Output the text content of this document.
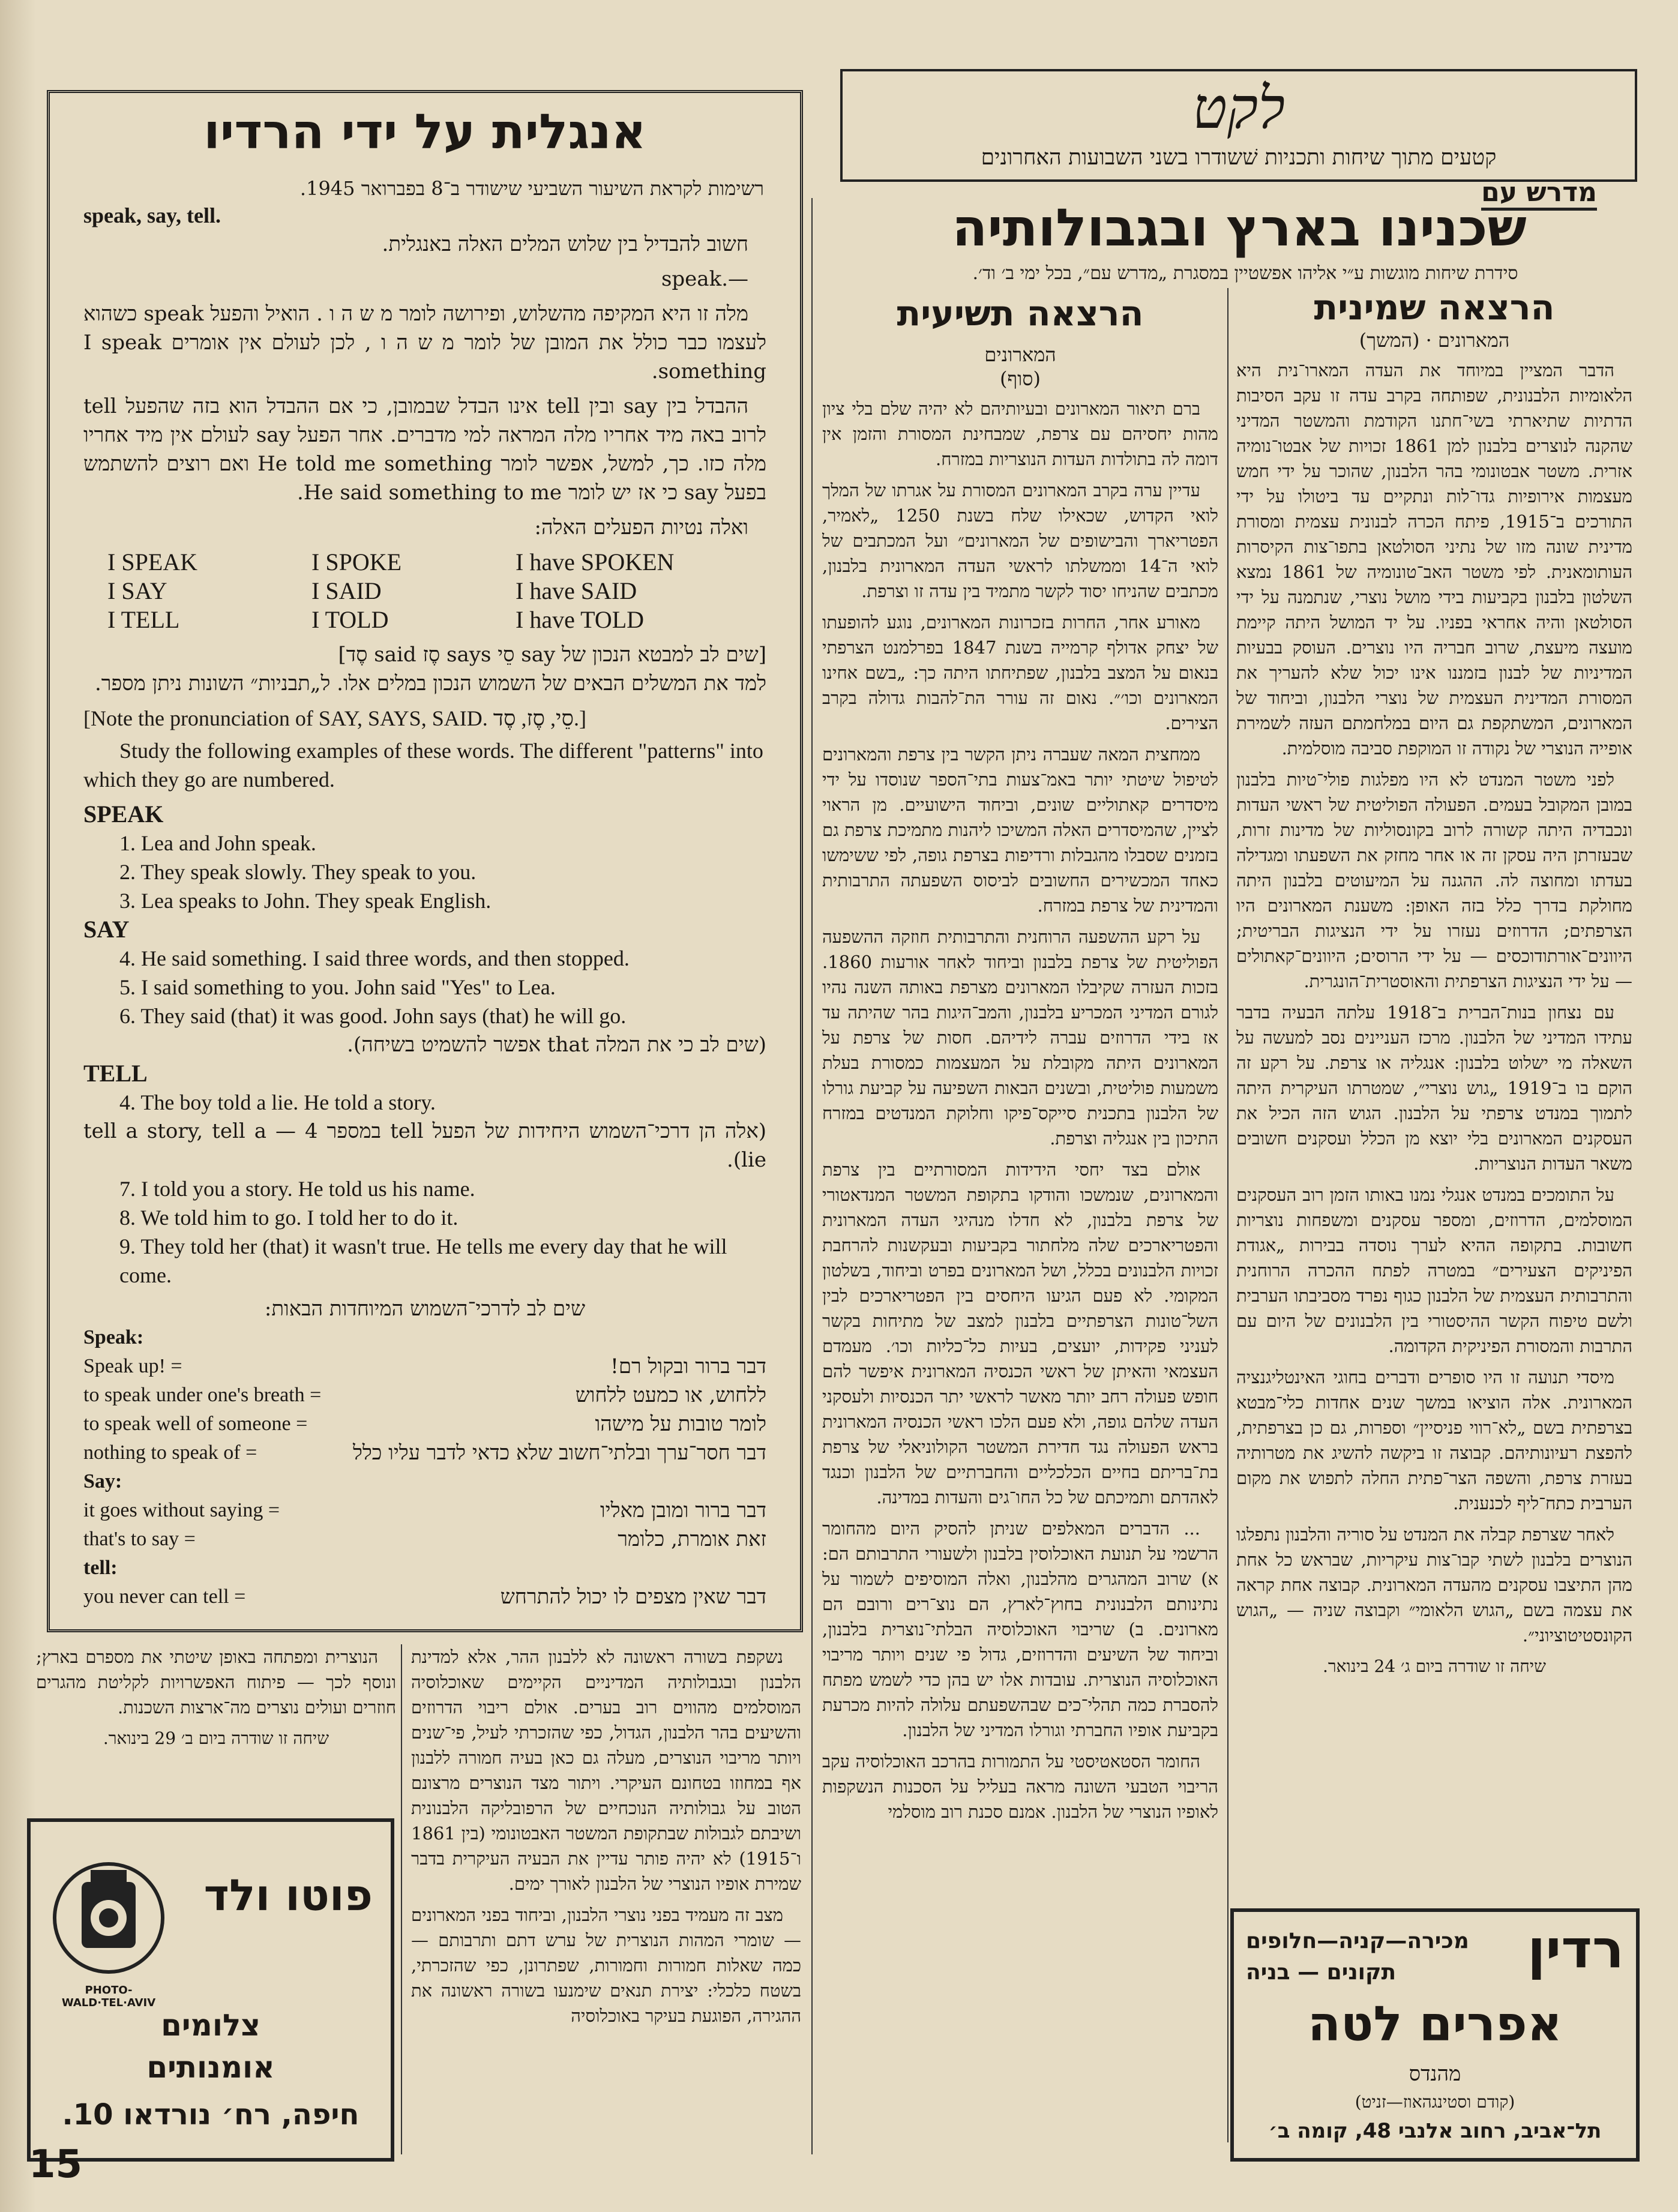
אנגלית על ידי הרדיו
רשימות לקראת השיעור השביעי שישודר ב־8 בפברואר 1945.
speak, say, tell.

חשוב להבדיל בין שלוש המלים האלה באנגלית.

—.speak

מלה זו היא המקיפה מהשלוש, ופירושה לומר מ ש ה ו . הואיל והפעל speak כשהוא לעצמו כבר כולל את המובן של לומר מ ש ה ו , לכן לעולם אין אומרים I speak something.

ההבדל בין say ובין tell אינו הבדל שבמובן, כי אם ההבדל הוא בזה שהפעל tell לרוב באה מיד אחריו מלה המראה למי מדברים. אחר הפעל say לעולם אין מיד אחריו מלה כזו. כך, למשל, אפשר לומר He told me something ואם רוצים להשתמש בפעל say כי אז יש לומר He said something to me.

ואלה נטיות הפעלים האלה:

I SPEAK	I SPOKE	I have SPOKEN
I SAY	I SAID	I have SAID
I TELL	I TOLD	I have TOLD
[שים לב למבטא הנכון של say סֵי says סֶז said סֶד]
למד את המשלים הבאים של השמוש הנכון במלים אלו. ל„תבניות״ השונות ניתן מספר.
[Note the pronunciation of SAY, SAYS, SAID. סֵי, סֶז, סֶד.]
Study the following examples of these words. The different "patterns" into which they go are numbered.
SPEAK
1. Lea and John speak.
2. They speak slowly. They speak to you.
3. Lea speaks to John. They speak English.
SAY
4. He said something. I said three words, and then stopped.
5. I said something to you. John said "Yes" to Lea.
6. They said (that) it was good. John says (that) he will go.
(שים לב כי את המלה that אפשר להשמיט בשיחה).
TELL
4. The boy told a lie. He told a story.
(אלה הן דרכי־השמוש היחידות של הפעל tell במספר 4 — tell a story, tell a lie).
7. I told you a story. He told us his name.
8. We told him to go. I told her to do it.
9. They told her (that) it wasn't true. He tells me every day that he will come.
שים לב לדרכי־השמוש המיוחדות הבאות:
Speak:
Speak up! =	דבר ברור ובקול רם!
to speak under one's breath =	ללחוש, או כמעט ללחוש
to speak well of someone =	לומר טובות על מישהו
nothing to speak of =	דבר חסר־ערך ובלתי־חשוב שלא כדאי לדבר עליו כלל
Say:
it goes without saying =	דבר ברור ומובן מאליו
that's to say =	זאת אומרת, כלומר
tell:
you never can tell =	דבר שאין מצפים לו יכול להתרחש
לקט
קטעים מתוך שיחות ותכניות שׁשודרו בשני השבועות האחרונים
מדרש עם
שכנינו בארץ ובגבולותיה
סידרת שיחות מוגשות ע״י אליהו אפשטיין במסגרת „מדרש עם״, בכל ימי ב׳ וד׳.
הרצאה שמינית
המארונים · (המשך)

הדבר המציין במיוחד את העדה המארו־נית היא הלאומיות הלבנונית, שפותחה בקרב עדה זו עקב הסיבות הדתיות שתיארתי בשי־חתנו הקודמת והמשטר המדיני שהקנה לנוצרים בלבנון למן 1861 זכויות של אבטו־נומיה אזרית. משטר אבטונומי בהר הלבנון, שהוכר על ידי חמש מעצמות אירופיות גדו־לות ונתקיים עד ביטולו על ידי התורכים ב־1915, פיתח הכרה לבנונית עצמית ומסורת מדינית שונה מזו של נתיני הסולטאן בתפו־צות הקיסרות העותומאנית. לפי משטר האב־טונומיה של 1861 נמצא השלטון בלבנון בקביעות בידי מושל נוצרי, שנתמנה על ידי הסולטאן והיה אחראי בפניו. על יד המושל היתה קיימת מועצה מיעצת, שרוב חבריה היו נוצרים. העוסק בבעיות המדיניות של לבנון בזמננו אינו יכול שלא להעריך את המסורת המדינית העצמית של נוצרי הלבנון, וביחוד של המארונים, המשתקפת גם היום במלחמתם העזה לשמירת אופייה הנוצרי של נקודה זו המוקפת סביבה מוסלמית.

לפני משטר המנדט לא היו מפלגות פולי־טיות בלבנון במובן המקובל בעמים. הפעולה הפוליטית של ראשי העדות ונכבדיה היתה קשורה לרוב בקונסוליות של מדינות זרות, שבעזרתן היה עסקן זה או אחר מחזק את השפעתו ומגדילה בעדתו ומחוצה לה. ההגנה על המיעוטים בלבנון היתה מחולקת בדרך כלל בזה האופן: משענת המארונים היו הצרפתים; הדרוזים נעזרו על ידי הנציגות הבריטית; היוונים־אורתודוכסים — על ידי הרוסים; היוונים־קאתולים — על ידי הנציגות הצרפתית והאוסטרית־הונגרית.

עם נצחון בנות־הברית ב־1918 עלתה הבעיה בדבר עתידו המדיני של הלבנון. מרכז העניינים נסב למעשה על השאלה מי ישלוט בלבנון: אנגליה או צרפת. על רקע זה הוקם בו ב־1919 „גוש נוצרי״, שמטרתו העיקרית היתה לתמוך במנדט צרפתי על הלבנון. הגוש הזה הכיל את העסקנים המארונים בלי יוצא מן הכלל ועסקנים חשובים משאר העדות הנוצריות.

על התומכים במנדט אנגלי נמנו באותו הזמן רוב העסקנים המוסלמים, הדרוזים, ומספר עסקנים ומשפחות נוצריות חשובות. בתקופה ההיא לערך נוסדה בבירות „אגודת הפיניקים הצעירים״ במטרה לפתח ההכרה הרוחנית והתרבותית העצמית של הלבנון כגוף נפרד מסביבתו הערבית ולשם טיפוח הקשר ההיסטורי בין הלבנונים של היום עם התרבות והמסורת הפיניקית הקדומה.

מיסדי תנועה זו היו סופרים ודברים בחוגי האינטליגנציה המארונית. אלה הוציאו במשך שנים אחדות כלי־מבטא בצרפתית בשם „לא־רווי פניסיין״ וספרות, גם כן בצרפתית, להפצת רעיונותיהם. קבוצה זו ביקשה להשיג את מטרותיה בעזרת צרפת, והשפה הצר־פתית החלה לתפוש את מקום הערבית כתח־ליף לכנענית.

לאחר שצרפת קבלה את המנדט על סוריה והלבנון נתפלגו הנוצרים בלבנון לשתי קבו־צות עיקריות, שבראש כל אחת מהן התיצבו עסקנים מהעדה המארונית. קבוצה אחת קראה את עצמה בשם „הגוש הלאומי״ וקבוצה שניה — „הגוש הקונסטיטוציוני״.

שיחה זו שודרה ביום ג׳ 24 בינואר.
הרצאה תשיעית
המארונים
(סוף)

ברם תיאור המארונים ובעיותיהם לא יהיה שלם בלי ציון מהות יחסיהם עם צרפת, שמבחינת המסורת והזמן אין דומה לה בתולדות העדות הנוצריות במזרח.

עדיין ערה בקרב המארונים המסורת על אגרתו של המלך לואי הקדוש, שכאילו שלח בשנת 1250 „לאמיר, הפטריארך והבישופים של המארונים״ ועל המכתבים של לואי ה־14 וממשלתו לראשי העדה המארונית בלבנון, מכתבים שהניחו יסוד לקשר מתמיד בין עדה זו וצרפת.

מאורע אחר, החרות בזכרונות המארונים, נוגע להופעתו של יצחק אדולף קרמייה בשנת 1847 בפרלמנט הצרפתי בנאום על המצב בלבנון, שפתיחתו היתה כך: „בשם אחינו המארונים וכו׳״. נאום זה עורר הת־להבות גדולה בקרב הצירים.

ממחצית המאה שעברה ניתן הקשר בין צרפת והמארונים לטיפול שיטתי יותר באמ־צעות בתי־הספר שנוסדו על ידי מיסדרים קאתוליים שונים, וביחוד הישועיים. מן הראוי לציין, שהמיסדרים האלה המשיכו ליהנות מתמיכת צרפת גם בזמנים שסבלו מהגבלות ורדיפות בצרפת גופה, לפי ששימשו כאחד המכשירים החשובים לביסוס השפעתה התרבותית והמדינית של צרפת במזרח.

על רקע ההשפעה הרוחנית והתרבותית חוזקה ההשפעה הפוליטית של צרפת בלבנון וביחוד לאחר אורעות 1860. בזכות העזרה שקיבלו המארונים מצרפת באותה השנה נהיו לגורם המדיני המכריע בלבנון, והמב־היגות בהר שהיתה עד אז בידי הדרוזים עברה לידיהם. חסות של צרפת על המארונים היתה מקובלת על המעצמות כמסורת בעלת משמעות פוליטית, ובשנים הבאות השפיעה על קביעת גורלו של הלבנון בתכנית סייקס־פיקו וחלוקת המנדטים במזרח התיכון בין אנגליה וצרפת.

אולם בצד יחסי הידידות המסורתיים בין צרפת והמארונים, שנמשכו והודקו בתקופת המשטר המנדאטורי של צרפת בלבנון, לא חדלו מנהיגי העדה המארונית והפטריארכים שלה מלחתור בקביעות ובעקשנות להרחבת זכויות הלבנונים בכלל, ושל המארונים בפרט וביחוד, בשלטון המקומי. לא פעם הגיעו היחסים בין הפטריארכים לבין השל־טונות הצרפתיים בלבנון למצב של מתיחות בקשר לעניני פקידות, יועצים, בעיות כל־כליות וכו׳. מעמדם העצמאי והאיתן של ראשי הכנסיה המארונית איפשר להם חופש פעולה רחב יותר מאשר לראשי יתר הכנסיות ולעסקני העדה שלהם גופה, ולא פעם הלכו ראשי הכנסיה המארונית בראש הפעולה נגד חדירת המשטר הקולוניאלי של צרפת בת־בריתם בחיים הכלכליים והחברתיים של הלבנון וכנגד לאהדתם ותמיכתם של כל החו־גים והעדות במדינה.

... הדברים המאלפים שניתן להסיק היום מהחומר הרשמי על תנועת האוכלוסין בלבנון ולשעורי התרבותם הם: א) שרוב המהגרים מהלבנון, ואלה המוסיפים לשמור על נתינותם הלבנונית בחוץ־לארץ, הם נוצ־רים ורובם הם מארונים. ב) שריבוי האוכלוסיה הבלתי־נוצרית בלבנון, וביחוד של השיעים והדרוזים, גדול פי שנים ויותר מריבוי האוכלוסיה הנוצרית. עובדות אלו יש בהן כדי לשמש מפתח להסברת כמה תהלי־כים שבהשפעתם עלולה להיות מכרעת בקביעת אופיו החברתי וגורלו המדיני של הלבנון.

החומר הסטאטיסטי על התמורות בהרכב האוכלוסיה עקב הריבוי הטבעי השונה מראה בעליל על הסכנות הנשקפות לאופיו הנוצרי של הלבנון. אמנם סכנת רוב מוסלמי

נשקפת בשורה ראשונה לא ללבנון ההר, אלא למדינת הלבנון ובגבולותיה המדיניים הקיימים שאוכלוסיה המוסלמים מהווים רוב בערים. אולם ריבוי הדרוזים והשיעים בהר הלבנון, הגדול, כפי שהזכרתי לעיל, פי־שנים ויותר מריבוי הנוצרים, מעלה גם כאן בעיה חמורה ללבנון אף במחוזו בטחונם העיקרי. ויתור מצד הנוצרים מרצונם הטוב על גבולותיה הנוכחיים של הרפובליקה הלבנונית ושיבתם לגבולות שבתקופת המשטר האבטונומי (בין 1861 ו־1915) לא יהיה פותר עדיין את הבעיה העיקרית בדבר שמירת אופיו הנוצרי של הלבנון לאורך ימים.

מצב זה מעמיד בפני נוצרי הלבנון, וביחוד בפני המארונים — שומרי המהות הנוצרית של ערש דתם ותרבותם — כמה שאלות חמורות וחמורות, שפתרונן, כפי שהזכרתי, בשטח כלכלי: יצירת תנאים שימנעו בשורה ראשונה את ההגירה, הפוגעת בעיקר באוכלוסיה

הנוצרית ומפתחה באופן שיטתי את מספרם בארץ; ונוסף לכך — פיתוח האפשרויות לקליטת מהגרים חוזרים ועולים נוצרים מה־ארצות השכנות.

שיחה זו שודרה ביום ב׳ 29 בינואר.
PHOTO-WALD·TEL·AVIV
פוטו ולד
צלומים
אומנותים
חיפה, רח׳ נורדאו 10.
רדין
מכירה—קניה—חלופים
תקונים — בניה
אפרים לטה
מהנדס
(קודם וסטינגהאוז—זניט)
תל־אביב, רחוב אלנבי 48, קומה ב׳
15
